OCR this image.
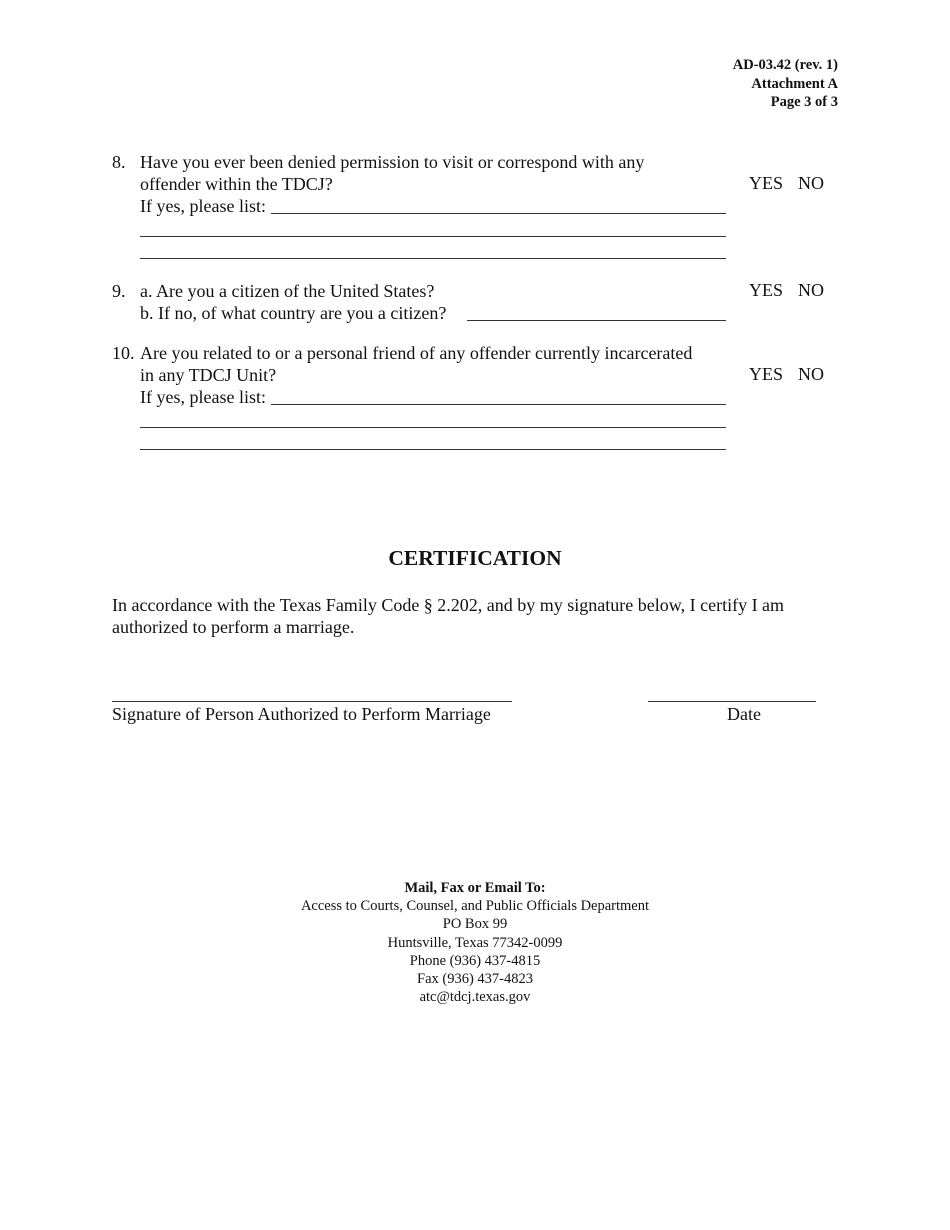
AD-03.42 (rev. 1)
Attachment A
Page 3 of 3
8. Have you ever been denied permission to visit or correspond with any
offender within the TDCJ?
If yes, please list:
YES NO
9. a. Are you a citizen of the United States?
b. If no, of what country are you a citizen?
YES NO
10. Are you related to or a personal friend of any offender currently incarcerated
in any TDCJ Unit?
If yes, please list:
YES NO
CERTIFICATION
In accordance with the Texas Family Code § 2.202, and by my signature below, I certify I am authorized to perform a marriage.
Signature of Person Authorized to Perform Marriage	Date
Mail, Fax or Email To:
Access to Courts, Counsel, and Public Officials Department
PO Box 99
Huntsville, Texas 77342-0099
Phone (936) 437-4815
Fax (936) 437-4823
atc@tdcj.texas.gov
